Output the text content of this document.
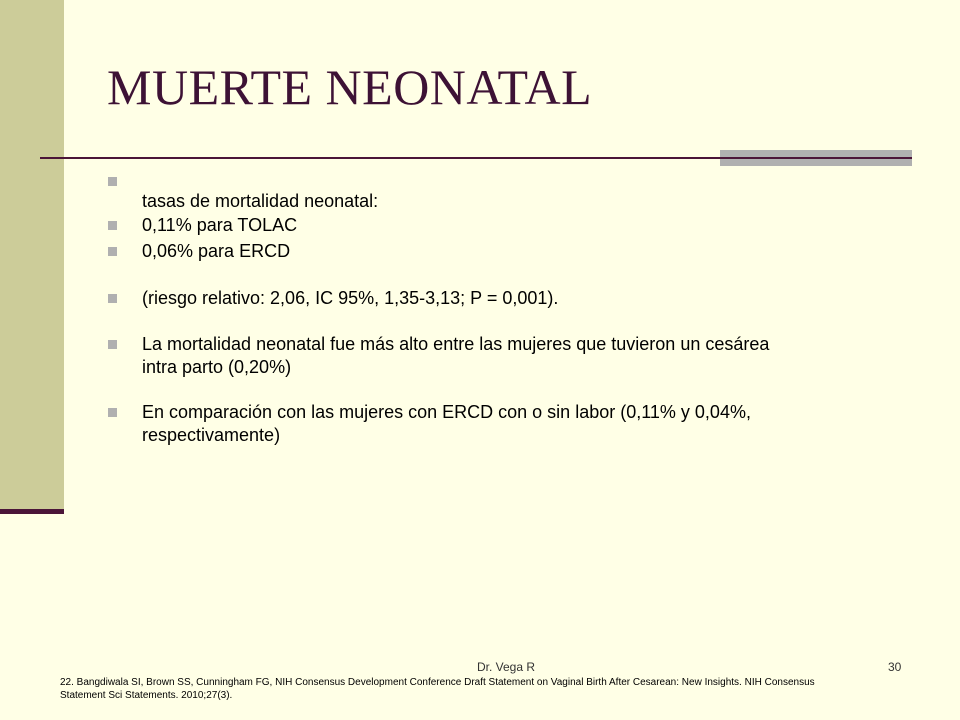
MUERTE NEONATAL
tasas de mortalidad neonatal:
0,11% para TOLAC
0,06% para ERCD
(riesgo relativo: 2,06, IC 95%, 1,35-3,13; P = 0,001).
La mortalidad neonatal fue más alto entre las mujeres que tuvieron un cesárea
intra parto (0,20%)
En comparación con las mujeres con ERCD con o sin labor (0,11% y 0,04%,
respectivamente)
Dr. Vega R	30
22. Bangdiwala SI, Brown SS, Cunningham FG, NIH Consensus Development Conference Draft Statement on Vaginal Birth After Cesarean: New Insights. NIH Consensus Statement Sci Statements. 2010;27(3).
